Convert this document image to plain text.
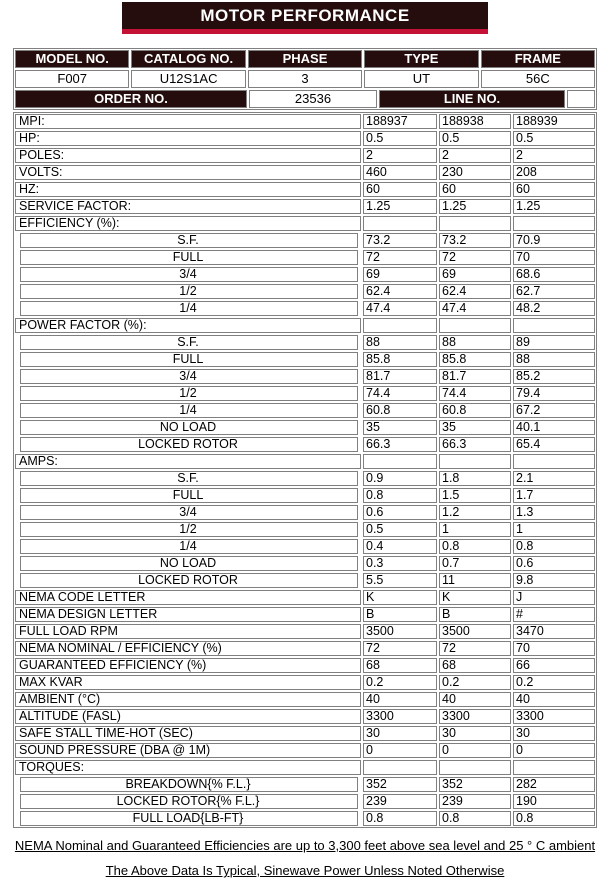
MOTOR PERFORMANCE
MODEL NO.	CATALOG NO.	PHASE	TYPE	FRAME
F007	U12S1AC	3	UT	56C
ORDER NO.	23536	LINE NO.
MPI:	188937	188938	188939
HP:	0.5	0.5	0.5
POLES:	2	2	2
VOLTS:	460	230	208
HZ:	60	60	60
SERVICE FACTOR:	1.25	1.25	1.25
EFFICIENCY (%):
S.F.	73.2	73.2	70.9
FULL	72	72	70
3/4	69	69	68.6
1/2	62.4	62.4	62.7
1/4	47.4	47.4	48.2
POWER FACTOR (%):
S.F.	88	88	89
FULL	85.8	85.8	88
3/4	81.7	81.7	85.2
1/2	74.4	74.4	79.4
1/4	60.8	60.8	67.2
NO LOAD	35	35	40.1
LOCKED ROTOR	66.3	66.3	65.4
AMPS:
S.F.	0.9	1.8	2.1
FULL	0.8	1.5	1.7
3/4	0.6	1.2	1.3
1/2	0.5	1	1
1/4	0.4	0.8	0.8
NO LOAD	0.3	0.7	0.6
LOCKED ROTOR	5.5	11	9.8
NEMA CODE LETTER	K	K	J
NEMA DESIGN LETTER	B	B	#
FULL LOAD RPM	3500	3500	3470
NEMA NOMINAL / EFFICIENCY (%)	72	72	70
GUARANTEED EFFICIENCY (%)	68	68	66
MAX KVAR	0.2	0.2	0.2
AMBIENT (°C)	40	40	40
ALTITUDE (FASL)	3300	3300	3300
SAFE STALL TIME-HOT (SEC)	30	30	30
SOUND PRESSURE (DBA @ 1M)	0	0	0
TORQUES:
BREAKDOWN{% F.L.}	352	352	282
LOCKED ROTOR{% F.L.}	239	239	190
FULL LOAD{LB-FT}	0.8	0.8	0.8
NEMA Nominal and Guaranteed Efficiencies are up to 3,300 feet above sea level and 25 ° C ambient
The Above Data Is Typical, Sinewave Power Unless Noted Otherwise
